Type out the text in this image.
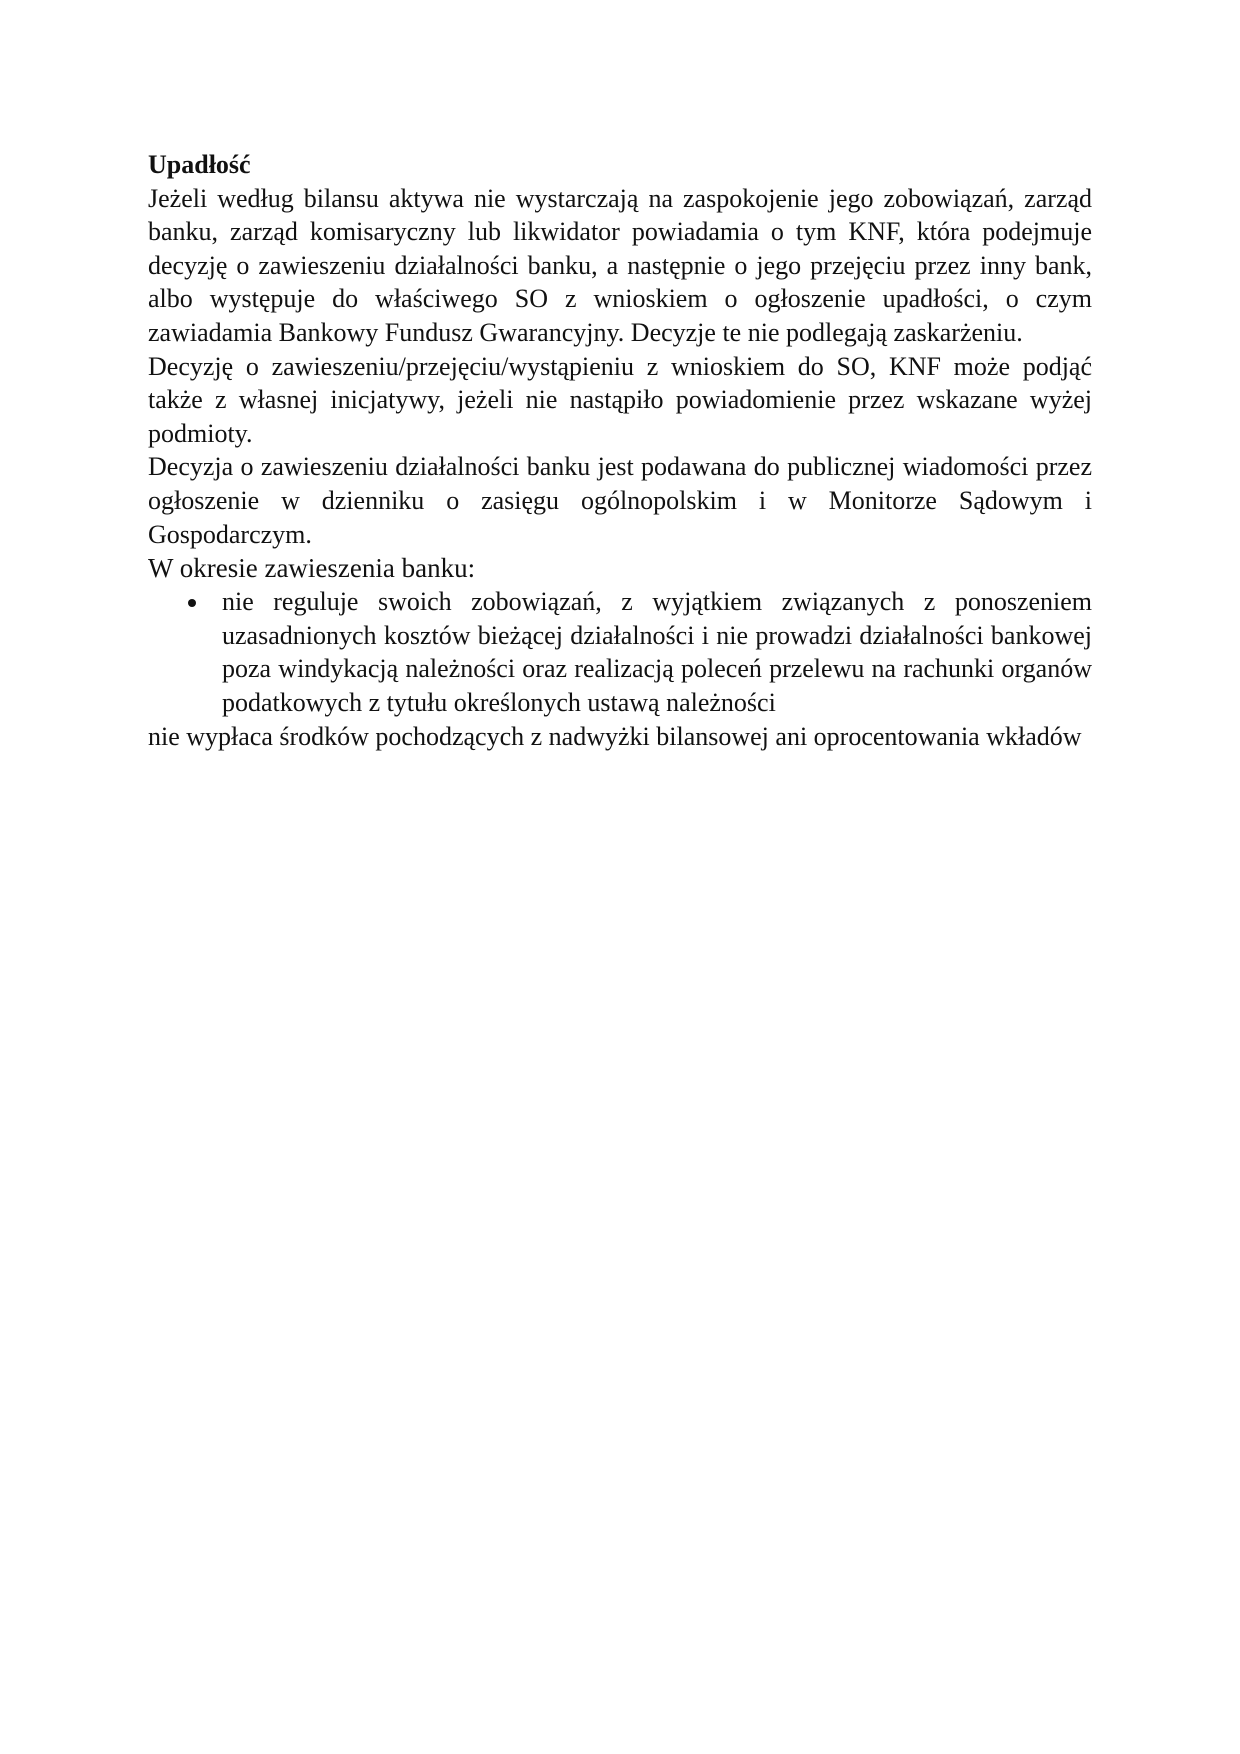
Upadłość

Jeżeli według bilansu aktywa nie wystarczają na zaspokojenie jego zobowiązań, zarząd banku, zarząd komisaryczny lub likwidator powiadamia o tym KNF, która podejmuje decyzję o zawieszeniu działalności banku, a następnie o jego przejęciu przez inny bank, albo występuje do właściwego SO z wnioskiem o ogłoszenie upadłości, o czym zawiadamia Bankowy Fundusz Gwarancyjny. Decyzje te nie podlegają zaskarżeniu.

Decyzję o zawieszeniu/przejęciu/wystąpieniu z wnioskiem do SO, KNF może podjąć także z własnej inicjatywy, jeżeli nie nastąpiło powiadomienie przez wskazane wyżej podmioty.

Decyzja o zawieszeniu działalności banku jest podawana do publicznej wiadomości przez ogłoszenie w dzienniku o zasięgu ogólnopolskim i w Monitorze Sądowym i Gospodarczym.

W okresie zawieszenia banku:

nie reguluje swoich zobowiązań, z wyjątkiem związanych z ponoszeniem uzasadnionych kosztów bieżącej działalności i nie prowadzi działalności bankowej poza windykacją należności oraz realizacją poleceń przelewu na rachunki organów podatkowych z tytułu określonych ustawą należności

nie wypłaca środków pochodzących z nadwyżki bilansowej ani oprocentowania wkładów
